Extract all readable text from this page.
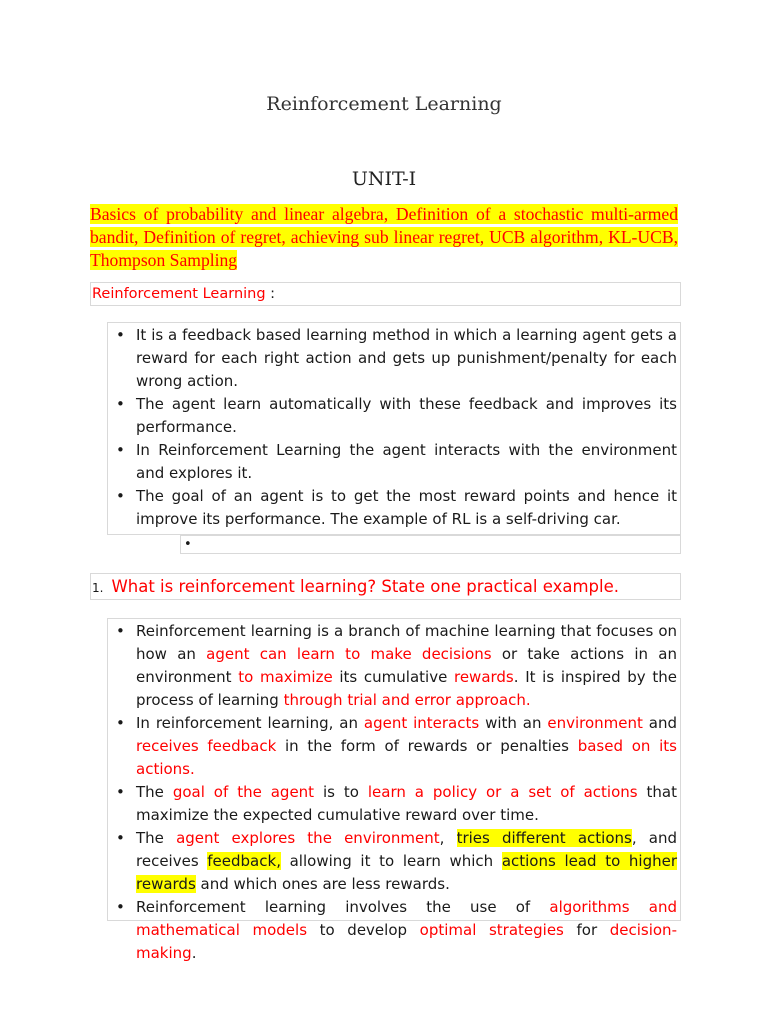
Reinforcement Learning
UNIT-I
Basics of probability and linear algebra, Definition of a stochastic multi-armed bandit, Definition of regret, achieving sub linear regret, UCB algorithm, KL-UCB, Thompson Sampling
Reinforcement Learning :
• It is a feedback based learning method in which a learning agent gets a reward for each right action and gets up punishment/penalty for each wrong action.
• The agent learn automatically with these feedback and improves its performance.
• In Reinforcement Learning the agent interacts with the environment and explores it.
• The goal of an agent is to get the most reward points and hence it improve its performance. The example of RL is a self-driving car.
•
1. What is reinforcement learning? State one practical example.
• Reinforcement learning is a branch of machine learning that focuses on how an agent can learn to make decisions or take actions in an environment to maximize its cumulative rewards. It is inspired by the process of learning through trial and error approach.
• In reinforcement learning, an agent interacts with an environment and receives feedback in the form of rewards or penalties based on its actions.
• The goal of the agent is to learn a policy or a set of actions that maximize the expected cumulative reward over time.
• The agent explores the environment, tries different actions, and receives feedback, allowing it to learn which actions lead to higher rewards and which ones are less rewards.
• Reinforcement learning involves the use of algorithms and mathematical models to develop optimal strategies for decision-making.
